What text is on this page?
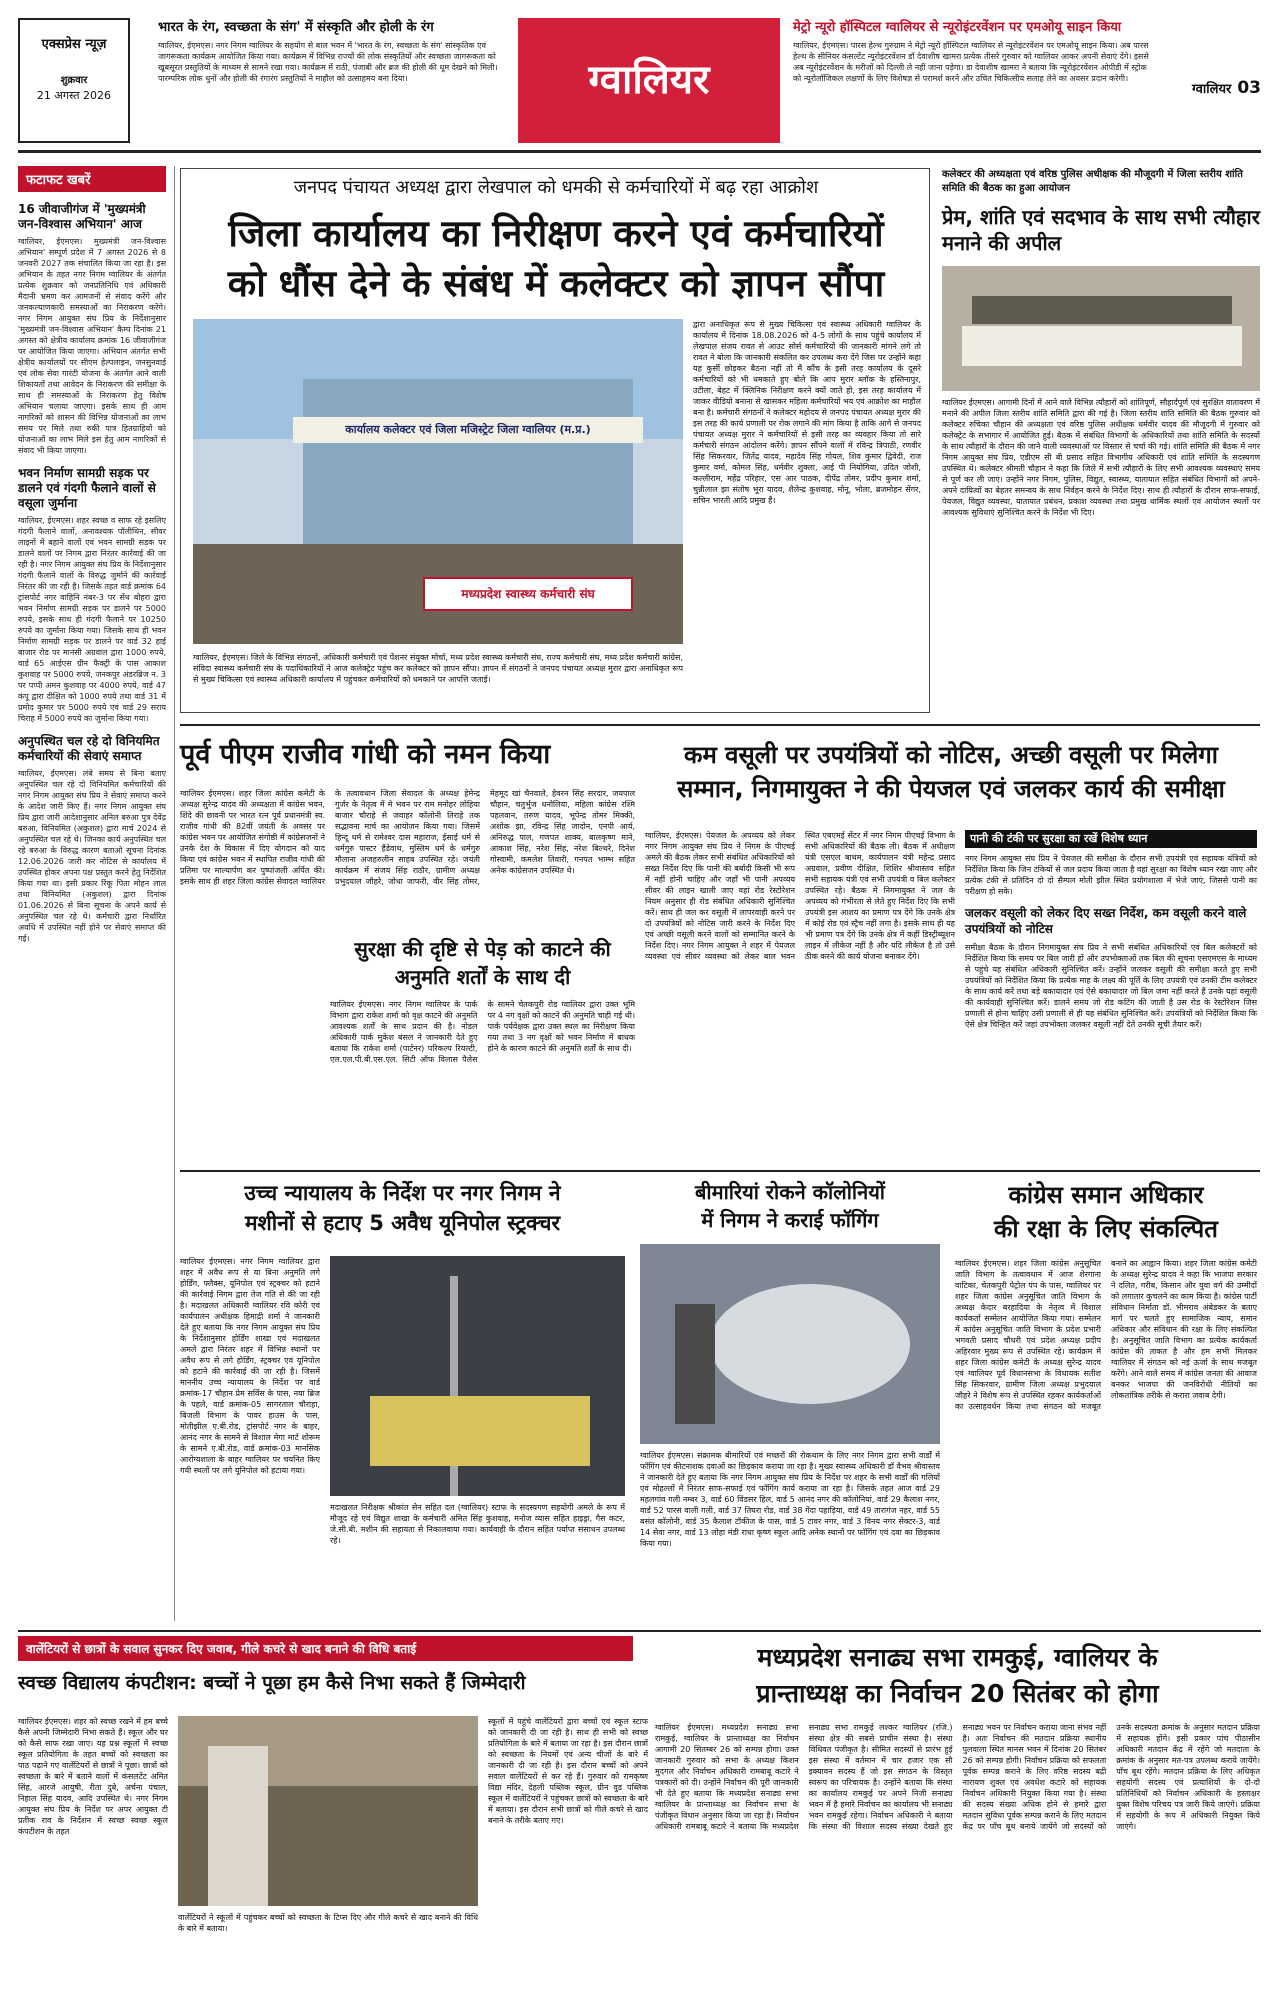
एक्सप्रेस न्यूज़
शुक्रवार
21 अगस्त 2026
भारत के रंग, स्वच्छता के संग' में संस्कृति और होली के रंग
ग्वालियर, ईएमएस। नगर निगम ग्वालियर के सहयोग से बाल भवन में 'भारत के रंग, स्वच्छता के संग' सांस्कृतिक एवं जागरूकता कार्यक्रम आयोजित किया गया। कार्यक्रम में विभिन्न राज्यों की लोक संस्कृतियों और स्वच्छता जागरूकता को खूबसूरत प्रस्तुतियों के माध्यम से सामने रखा गया। कार्यक्रम में राठी, पंजाबी और ब्रज की होली की धूम देखने को मिली। पारम्परिक लोक धुनों और होली की रंगारंग प्रस्तुतियों ने माहौल को उत्साहमय बना दिया।	ग्वालियर
मेट्रो न्यूरो हॉस्पिटल ग्वालियर से न्यूरोइंटरवेंशन पर एमओयू साइन किया
ग्वालियर, ईएमएस। पारस हेल्थ गुरुग्राम ने मेट्रो न्यूरो हॉस्पिटल ग्वालियर से न्यूरोइंटरवेंशन पर एमओयू साइन किया। अब पारस हेल्थ के सीनियर कंसल्टेंट न्यूरोइंटरवेंशन डॉ देवाशीष खामरा प्रत्येक तीसरे गुरुवार को ग्वालियर आकर अपनी सेवाएं देंगे। इससे अब न्यूरोइंटरवेंशन के मरीजों को दिल्ली ले नहीं जाना पड़ेगा। डा देवाशीष खामरा ने बताया कि न्यूरोइंटरवेंशन ओपीडी में स्ट्रोक को न्यूरोलॉजिकल लक्षणों के लिए विशेषज्ञ से परामर्श करने और उचित चिकित्सीय सलाह लेने का अवसर प्रदान करेगी।
ग्वालियर 03
फटाफट खबरें
16 जीवाजीगंज में 'मुख्यमंत्री जन-विश्वास अभियान' आज
ग्वालियर, ईएमएस। मुख्यमंत्री जन-विश्वास अभियान' सम्पूर्ण प्रदेश में 7 अगस्त 2026 से 8 जनवरी 2027 तक संचालित किया जा रहा है। इस अभियान के तहत नगर निगम ग्वालियर के अंतर्गत प्रत्येक शुक्रवार को जनप्रतिनिधि एवं अधिकारी मैदानी भ्रमण कर आमजनों से संवाद करेंगे और जनकल्याणकारी समस्याओं का निराकरण करेंगे। नगर निगम आयुक्त संघ प्रिय के निर्देशानुसार 'मुख्यमंत्री जन-विश्वास अभियान' कैम्प दिनांक 21 अगस्त को क्षेत्रीय कार्यालय क्रमांक 16 जीवाजीगंज पर आयोजित किया जाएगा। अभियान अंतर्गत सभी क्षेत्रीय कार्यालयों पर सीएम हेल्पलाइन, जनसुनवाई एवं लोक सेवा गारंटी योजना के अंतर्गत आने वाली शिकायतों तथा आवेदन के निराकरण की समीक्षा के साथ ही समस्याओं के निराकरण हेतु विशेष अभियान चलाया जाएगा। इसके साथ ही आम नागरिकों को शासन की विभिन्न योजनाओं का लाभ समय पर मिले तथा रुकी पात्र हितग्राहियों को योजनाओं का लाभ मिले इस हेतु आम नागरिकों से संवाद भी किया जाएगा।
भवन निर्माण सामग्री सड़क पर डालने एवं गंदगी फैलाने वालों से वसूला जुर्माना
ग्वालियर, ईएमएस। शहर स्वच्छ व साफ रहे इसलिए गंदगी फैलाने वालों, अनावश्यक पॉलीथिन, सीवर लाइनों में बहाने वालों एवं भवन सामग्री सड़क पर डालने वालों पर निगम द्वारा निरंतर कार्रवाई की जा रही है। नगर निगम आयुक्त संघ प्रिय के निर्देशानुसार गंदगी फैलाने वालों के विरुद्ध जुर्माने की कार्रवाई निरंतर की जा रही है। जिसके तहत वार्ड क्रमांक 64 ट्रांसपोर्ट नगर वाहिनि नंबर-3 पर सेंध बोहरा द्वारा भवन निर्माण सामग्री सड़क पर डालने पर 5000 रुपये, इसके साथ ही गंदगी फैलाने पर 10250 रुपये का जुर्माना किया गया। जिसके साथ ही भवन निर्माण सामग्री सड़क पर डालने पर वार्ड 32 हाई बाजार रोड पर मानसी अग्रवाल द्वारा 1000 रुपये, वार्ड 65 आईएस ग्रीन फैक्ट्री के पास आकाश कुशवाह पर 5000 रुपये, जनकपुर अंडरब्रिज न. 3 पर पप्पी अमन कुशवाह पर 4000 रुपये, वार्ड 47 कंपू द्वारा दीक्षित को 1000 रुपये तथा वार्ड 31 में प्रमोद कुमार पर 5000 रुपये एवं वार्ड 29 सराय चिराह में 5000 रुपये का जुर्माना किया गया।
अनुपस्थित चल रहे दो विनियमित कर्मचारियों की सेवाएं समाप्त
ग्वालियर, ईएमएस। लंबे समय से बिना बताए अनुपस्थित चल रहे दो विनियमित कर्मचारियों की नगर निगम आयुक्त संघ प्रिय ने सेवाएं समाप्त करने के आदेश जारी किए हैं। नगर निगम आयुक्त संघ प्रिय द्वारा जारी आदेशानुसार अनिल बरुआ पुत्र देवेंद्र बरुआ, विनियमित (अकुशल) द्वारा मार्च 2024 से अनुपस्थित चल रहे थे। जिनका कार्य अनुपस्थित चल रहे बरुआ के विरुद्ध कारण बताओ सूचना दिनांक 12.06.2026 जारी कर नोटिस से कार्यालय में उपस्थित होकर अपना पक्ष प्रस्तुत करने हेतु निर्देशित किया गया था। इसी प्रकार रिंकू पिता मोहन लाल तथा विनियमित (अकुशल) द्वारा दिनांक 01.06.2026 से बिना सूचना के अपने कार्य से अनुपस्थित चल रहे थे। कर्मचारी द्वारा निर्धारित अवधि में उपस्थित नहीं होने पर सेवाएं समाप्त की गई।
जनपद पंचायत अध्यक्ष द्वारा लेखपाल को धमकी से कर्मचारियों में बढ़ रहा आक्रोश
जिला कार्यालय का निरीक्षण करने एवं कर्मचारियों
को धौंस देने के संबंध में कलेक्टर को ज्ञापन सौंपा
कार्यालय कलेक्टर एवं जिला मजिस्ट्रेट जिला ग्वालियर (म.प्र.)
मध्यप्रदेश स्वास्थ्य कर्मचारी संघ
ग्वालियर, ईएमएस। जिले के विभिन्न संगठनों, अधिकारी कर्मचारी एवं पेंशनर संयुक्त मोर्चा, मध्य प्रदेश स्वास्थ्य कर्मचारी संघ, राज्य कर्मचारी संघ, मध्य प्रदेश कर्मचारी कांग्रेस, संविदा स्वास्थ्य कर्मचारी संघ के पदाधिकारियों ने आज कलेक्ट्रेट पहुंच कर कलेक्टर को ज्ञापन सौंपा। ज्ञापन में संगठनों ने जनपद पंचायत अध्यक्ष मुरार द्वारा अनाधिकृत रूप से मुख्य चिकित्सा एवं स्वास्थ्य अधिकारी कार्यालय में पहुंचकर कर्मचारियों को धमकाने पर आपत्ति जताई।
द्वारा अनाधिकृत रूप से मुख्य चिकित्सा एवं स्वास्थ्य अधिकारी ग्वालियर के कार्यालय में दिनांक 18.08.2026 को 4-5 लोगों के साथ पहुंचे कार्यालय में लेखपाल संजय रावत से आउट सोर्स कर्मचारियों की जानकारी मांगने लगे तो रावत ने बोला कि जानकारी संकलित कर उपलब्ध करा देंगे जिस पर उन्होंने कहा यह कुर्सी छोड़कर बैठना नहीं तो मैं कौंच के इसी तरह कार्यालय के दूसरे कर्मचारियों को भी धमकाते हुए बोले कि आप मुरार ब्लॉक के हस्तिनापुर, उटीला, बेहट में क्लिनिक निरीक्षण करने क्यों जाते हो, इस तरह कार्यालय में जाकर वीडियो बनाना से खासकर महिला कर्मचारियों भय एवं आक्रोश का माहौल बना है। कर्मचारी संगठनों ने कलेक्टर महोदय से जनपद पंचायत अध्यक्ष मुरार की इस तरह की कार्य प्रणाली पर रोक लगाने की मांग किया है ताकि आगे से जनपद पंचायत अध्यक्ष मुरार ने कर्मचारियों से इसी तरह का व्यवहार किया तो सारे कर्मचारी संगठन आंदोलन करेंगे। ज्ञापन सौंपने वालों में रविन्द्र त्रिपाठी, रणवीर सिंह सिकरवार, जितेंद्र यादव, महादेव सिंह गोयल, शिव कुमार द्विवेदी, राज कुमार वर्मा, कोमल सिंह, धर्मवीर शुक्ला, आई पी नियोगिया, उदित जोशी, कल्लीराम, महेंद्र परिहार, एस आर पाठक, दीपेंद्र तोमर, प्रदीप कुमार शर्मा, चुन्नीलाल झा संतोष भूरा यादव, शैलेन्द्र कुशवाह, मोनू, भोला, ब्रजमोहन सेंगर, सचिन भारती आदि प्रमुख हैं।
कलेक्टर की अध्यक्षता एवं वरिष्ठ पुलिस अधीक्षक की मौजूदगी में जिला स्तरीय शांति समिति की बैठक का हुआ आयोजन
प्रेम, शांति एवं सदभाव के साथ सभी त्यौहार मनाने की अपील
ग्वालियर ईएमएस। आगामी दिनों में आने वाले विभिन्न त्यौहारों को शांतिपूर्ण, सौहार्दपूर्ण एवं सुरक्षित वातावरण में मनाने की अपील जिला स्तरीय शांति समिति द्वारा की गई है। जिला स्तरीय शांति समिति की बैठक गुरुवार को कलेक्टर रुचिका चौहान की अध्यक्षता एवं वरिष्ठ पुलिस अधीक्षक धर्मवीर यादव की मौजूदगी में गुरुवार को कलेक्ट्रेट के सभागार में आयोजित हुई। बैठक में संबंधित विभागों के अधिकारियों तथा शांति समिति के सदस्यों के साथ त्यौहारों के दौरान की जाने वाली व्यवस्थाओं पर विस्तार से चर्चा की गई। शांति समिति की बैठक में नगर निगम आयुक्त संघ प्रिय, एडीएम सी बी प्रसाद सहित विभागीय अधिकारी एवं शांति समिति के सदस्यगण उपस्थित थे। कलेक्टर श्रीमती चौहान ने कहा कि जिले में सभी त्यौहारों के लिए सभी आवश्यक व्यवस्थाएं समय से पूर्ण कर ली जाएं। उन्होंने नगर निगम, पुलिस, विद्युत, स्वास्थ्य, यातायात सहित संबंधित विभागों को अपने-अपने दायित्वों का बेहतर समन्वय के साथ निर्वहन करने के निर्देश दिए। साथ ही त्यौहारों के दौरान साफ-सफाई, पेयजल, विद्युत व्यवस्था, यातायात प्रबंधन, प्रकाश व्यवस्था तथा प्रमुख धार्मिक स्थलों एवं आयोजन स्थलों पर आवश्यक सुविधाएं सुनिश्चित करने के निर्देश भी दिए।
पूर्व पीएम राजीव गांधी को नमन किया
ग्वालियर ईएमएस। शहर जिला कांग्रेस कमेटी के अध्यक्ष सुरेन्द्र यादव की अध्यक्षता में कांग्रेस भवन, शिंदे की छावनी पर भारत रत्न पूर्व प्रधानमंत्री स्व. राजीव गांधी की 82वीं जयंती के अवसर पर कांग्रेस भवन पर आयोजित संगोष्ठी में कांग्रेसजनों ने उनके देश के विकास में दिए योगदान को याद किया एवं कांग्रेस भवन में स्थापित राजीव गांधी की प्रतिमा पर माल्यार्पण कर पुष्पांजली अर्पित की। इसके साथ ही शहर जिला कांग्रेस सेवादल ग्वालियर के तत्वावधान जिला सेवादल के अध्यक्ष हेमेन्द्र गुर्जर के नेतृत्व में मे भवन पर राम मनोहर लोहिया बाजार चौराहे से जवाहर कॉलोनी तिराहे तक सद्भावना मार्च का आयोजन किया गया। जिसमें हिन्दू धर्म से रामेश्वर दास महाराज, ईसाई धर्म से धर्मगुरु पास्टर हैंडेवाथ, मुस्लिम धर्म के धर्मगुरु मौलाना अजहरुलीन साहब उपस्थित रहे। जयंती कार्यक्रम में संजय सिंह राठौर, ग्रामीण अध्यक्ष प्रभुदयाल जौहरे, जोधा जाफरी, वीर सिंह तोमर, मेहमूद खां चैनवाले, हेवरन सिंह सरदार, जयपाल चौहान, चतुर्भुज धनोलिया, महिला कांग्रेस रश्मि पहलवान, तरुण यादव, भूपेन्द्र तोमर मिक्की, अशोक झा, रविन्द्र सिंह जादोन, एनपी आर्य, अनिरुद्ध पाल, गणपत शाक्य, बालकृष्ण माने, आकाश सिंह, नरेश सिंह, नरेश बिल्थरे, दिनेश गोस्वामी, कमलेश तिवारी, गनपत भाम्भ सहित अनेक कांग्रेसजन उपस्थित थे।
सुरक्षा की दृष्टि से पेड़ को काटने की
अनुमति शर्तों के साथ दी
ग्वालियर ईएमएस। नगर निगम ग्वालियर के पार्क विभाग द्वारा राकेश शर्मा को वृक्ष काटने की अनुमति आवश्यक शर्तों के साथ प्रदान की है। नोडल अधिकारी पार्क मुकेश बंसल ने जानकारी देते हुए बताया कि राकेश शर्मा (पार्टनर) परिकल्प रियल्टी, एल.एल.पी.बी.एस.एल. सिटी ऑफ विलास पैलेस के सामने चेतकपुरी रोड ग्वालियर द्वारा उक्त भूमि पर 4 नग वृक्षों को काटने की अनुमति चाही गई थी। पार्क पर्यवेक्षक द्वारा उक्त स्थल का निरीक्षण किया गया तथा 3 नग वृक्षों को भवन निर्माण में बाधक होने के कारण काटने की अनुमति शर्तों के साथ दी।
कम वसूली पर उपयंत्रियों को नोटिस, अच्छी वसूली पर मिलेगा
सम्मान, निगमायुक्त ने की पेयजल एवं जलकर कार्य की समीक्षा
ग्वालियर, ईएमएस। पेयजल के अपव्यय को लेकर नगर निगम आयुक्त संघ प्रिय ने निगम के पीएचई अमले की बैठक लेकर सभी संबंधित अधिकारियों को सख्त निर्देश दिए कि पानी की बर्बादी किसी भी रूप में नहीं होनी चाहिए और जहाँ भी पानी अपव्यय सीवर की लाइन खाली जाए वहां रोड रेस्टोरेशन नियम अनुसार ही रोड संबंधित अधिकारी सुनिश्चित करें। साथ ही जल कर वसूली में लापरवाही करने पर दो उपयंत्रियों को नोटिस जारी करने के निर्देश दिए एवं अच्छी वसूली करने वालों को सम्मानित करने के निर्देश दिए। नगर निगम आयुक्त ने शहर में पेयजल व्यवस्था एवं सीवर व्यवस्था को लेकर बाल भवन स्थित एबएमई सेंटर में नगर निगम पीएचई विभाग के सभी अधिकारियों की बैठक ली। बैठक में अधीक्षण यंत्री एसएल बाथम, कार्यपालन यंत्री महेन्द्र प्रसाद अग्रवाल, प्रवीण दीक्षित, शिशिर श्रीवास्तव सहित सभी सहायक यंत्री एवं सभी उपयंत्री व बिल कलेक्टर उपस्थित रहे। बैठक में निगमायुक्त ने जल के अपव्यय को गंभीरता से लेते हुए निर्देश दिए कि सभी उपयंत्री इस आशय का प्रमाण पत्र देंगे कि उनके क्षेत्र में कोई रोड एवं स्ट्रैच नहीं लगा है। इसके साथ ही यह भी प्रमाण पत्र देंगे कि उनके क्षेत्र में कहीं डिस्ट्रीब्यूशन लाइन में लीकेज नहीं है और यदि लीकेज है तो उसे ठीक करने की कार्य योजना बनाकर देंगे।
पानी की टंकी पर सुरक्षा का रखें विशेष ध्यान
नगर निगम आयुक्त संघ प्रिय ने पेयजल की समीक्षा के दौरान सभी उपयंत्री एवं सहायक यंत्रियों को निर्देशित किया कि जिन टंकियों से जल प्रदाय किया जाता है वहां सुरक्षा का विशेष ध्यान रखा जाए और प्रत्येक टंकी से प्रतिदिन दो दो सैम्पल मोती झील स्थित प्रयोगशाला में भेजे जाएं, जिससे पानी का परीक्षण हो सके।
जलकर वसूली को लेकर दिए सख्त निर्देश, कम वसूली करने वाले उपयंत्रियों को नोटिस
समीक्षा बैठक के दौरान निगमायुक्त संघ प्रिय ने सभी संबंधित अधिकारियों एवं बिल कलेक्टरों को निर्देशित किया कि समय पर बिल जारी हों और उपभोक्ताओं तक बिल की सूचना एसएमएस के माध्यम से पहुंचे यह संबंधित अधिकारी सुनिश्चित करें। उन्होंने जलकर वसूली की समीक्षा करते हुए सभी उपयंत्रियों को निर्देशित किया कि प्रत्येक माह के लक्ष्य की पूर्ति के लिए उपयंत्री एवं उनकी टीम कलेक्टर के साथ कार्य करें तथा बड़े बकायादार एवं ऐसे बकायादार जो बिल जमा नहीं करते हैं उनके यहां वसूली की कार्यवाही सुनिश्चित करें। डालने समय जो रोड कटिंग की जाती है उस रोड के रेस्टोरेशन जिस प्रणाली से होना चाहिए उसी प्रणाली से ही यह संबंधित सुनिश्चित करें। उपयंत्रियों को निर्देशित किया कि ऐसे क्षेत्र चिन्हित करें जहां उपभोक्ता जलकर वसूली नहीं देते उनकी सूची तैयार करें।
उच्च न्यायालय के निर्देश पर नगर निगम ने
मशीनों से हटाए 5 अवैध यूनिपोल स्ट्रक्चर
ग्वालियर ईएमएस। नगर निगम ग्वालियर द्वारा शहर में अवैध रूप से या बिना अनुमति लगे होर्डिंग, फ्लैक्स, यूनिपोल एवं स्ट्रक्चर को हटाने की कार्रवाई निगम द्वारा तेज गति से की जा रही है। मदाखलत अधिकारी ग्वालियर रवि कोरी एवं कार्यपालन अधीक्षक हिमाद्री शर्मा ने जानकारी देते हुए बताया कि नगर निगम आयुक्त संघ प्रिय के निर्देशानुसार होर्डिंग शाखा एवं मदाखलत अमले द्वारा निरंतर शहर में विभिन्न स्थानों पर अवैध रूप से लगे होर्डिंग, स्ट्रक्चर एवं यूनिपोल को हटाने की कार्रवाई की जा रही है। जिसमें माननीय उच्च न्यायालय के निर्देश पर वार्ड क्रमांक-17 चौहान प्रेम सर्विस के पास, नया ब्रिज के पहले, वार्ड क्रमांक-05 सागरताल चौराहा, बिजली विभाग के पावर हाउस के पास, मोतीझील ए.बी.रोड, ट्रांसपोर्ट नगर के बाहर, आनंद नगर के सामने से विशाल मेगा मार्ट शोरूम के सामने ए.बी.रोड, वार्ड क्रमांक-03 मानसिक आरोग्यशाला के बाहर ग्वालियर पर चयनित किए गयी स्थलों पर लगे यूनिपोल को हटाया गया।
मदाखलत निरीक्षक श्रीकांत सेन सहित दल (ग्वालियर) स्टाफ के सदस्यगण सहयोगी अमले के रूप में मौजूद रहे एवं विद्युत शाखा के कर्मचारी अमित सिंह कुशवाह, मनोज व्यास सहित हाइड्रा, गैस कटर, जे.सी.बी. मशीन की सहायता से निकालवाया गया। कार्यवाही के दौरान सहित पर्याप्त संसाधन उपलब्ध रहे।
बीमारियां रोकने कॉलोनियों
में निगम ने कराई फॉगिंग
ग्वालियर ईएमएस। संक्रामक बीमारियों एवं मच्छरों की रोकथाम के लिए नगर निगम द्वारा सभी वार्डों में फॉगिंग एवं कीटनाशक दवाओं का छिड़काव कराया जा रहा है। मुख्य स्वास्थ्य अधिकारी डॉ वैभव श्रीवास्तव ने जानकारी देते हुए बताया कि नगर निगम आयुक्त संघ प्रिय के निर्देश पर शहर के सभी वार्डों की गलियों एवं मोहल्लों में निरंतर साफ-सफाई एवं फॉगिंग कार्य कराया जा रहा है। जिसके तहत आज वार्ड 29 महलगांव गली नम्बर 3, वार्ड 60 विंडसर हिल, वार्ड 5 आनंद नगर की कॉलोनियां, वार्ड 29 कैलाश नगर, वार्ड 52 पारस वाली गली, वार्ड 37 तिघरा रोड, वार्ड 38 गेंदा पहाड़िया, वार्ड 49 तारागंज नहर, वार्ड 55 बसंत कॉलोनी, वार्ड 35 कैलाश टॉकीज के पास, वार्ड 5 टावर नगर, वार्ड 3 विनय नगर सेक्टर-3, वार्ड 14 सेवा नगर, वार्ड 13 लोहा मंडी राधा कृष्ण स्कूल आदि अनेक स्थानों पर फॉगिंग एवं दवा का छिड़काव किया गया।
कांग्रेस समान अधिकार
की रक्षा के लिए संकल्पित
ग्वालियर ईएमएस। शहर जिला कांग्रेस अनुसूचित जाति विभाग के तत्वावधान में आज शेरगाना वाटिका, चेतकपुरी पेट्रोल पंप के पास, ग्वालियर पर शहर जिला कांग्रेस अनुसूचित जाति विभाग के अध्यक्ष केदार बरहादिया के नेतृत्व में विशाल कार्यकर्ता सम्मेलन आयोजित किया गया। सम्मेलन में कांग्रेस अनुसूचित जाति विभाग के प्रदेश प्रभारी भगवती प्रसाद चौधरी एवं प्रदेश अध्यक्ष प्रदीप अहिरवार मुख्य रूप से उपस्थित रहे। कार्यक्रम में शहर जिला कांग्रेस कमेटी के अध्यक्ष सुरेन्द्र यादव एवं ग्वालियर पूर्व विधानसभा के विधायक सतीश सिंह सिकरवार, ग्रामीण जिला अध्यक्ष प्रभुदयाल जौहरे ने विशेष रूप से उपस्थित रहकर कार्यकर्ताओं का उत्साहवर्धन किया तथा संगठन को मजबूत बनाने का आह्वान किया। शहर जिला कांग्रेस कमेटी के अध्यक्ष सुरेन्द्र यादव ने कहा कि भाजपा सरकार ने दलित, गरीब, किसान और युवा वर्ग की उम्मीदों को लगातार कुचलने का काम किया है। कांग्रेस पार्टी संविधान निर्माता डॉ. भीमराव अंबेडकर के बताए मार्ग पर चलते हुए सामाजिक न्याय, समान अधिकार और संविधान की रक्षा के लिए संकल्पित है। अनुसूचित जाति विभाग का प्रत्येक कार्यकर्ता कांग्रेस की ताकत है और हम सभी मिलकर ग्वालियर में संगठन को नई ऊर्जा के साथ मजबूत करेंगे। आने वाले समय में कांग्रेस जनता की आवाज बनकर भाजपा की जनविरोधी नीतियों का लोकतांत्रिक तरीके से करारा जवाब देगी।
वालेंटियरों से छात्रों के सवाल सुनकर दिए जवाब, गीले कचरे से खाद बनाने की विधि बताई
स्वच्छ विद्यालय कंपटीशन: बच्चों ने पूछा हम कैसे निभा सकते हैं जिम्मेदारी
ग्वालियर ईएमएस। शहर को स्वच्छ रखने में हम बच्चे कैसे अपनी जिम्मेदारी निभा सकते हैं। स्कूल और घर को कैसे साफ रखा जाए। यह प्रश्न स्कूलों में स्वच्छ स्कूल प्रतियोगिता के तहत बच्चों को स्वच्छता का पाठ पढ़ाने गए वालेंटियरों से छात्रों ने पूछा। छात्रों को स्वच्छता के बारे में बताने वालों में कंसलटेंट अमित सिंह, आरजे आयुषी, रीता दुबे, अर्चना पंचाल, निहाल सिंह यादव, आदि उपस्थित थे। नगर निगम आयुक्त संघ प्रिय के निर्देश पर अपर आयुक्त टी प्रतीक राव के निर्देशन में स्वच्छ स्वच्छ स्कूल कंपटीशन के तहत
वालेंटियरों ने स्कूलों में पहुंचकर बच्चों को स्वच्छता के टिप्स दिए और गीले कचरे से खाद बनाने की विधि के बारे में बताया।
स्कूलों में पहुंचे वालेंटियरों द्वारा बच्चों एवं स्कूल स्टाफ को जानकारी दी जा रही है। साथ ही सभी को स्वच्छ प्रतियोगिता के बारे में बताया जा रहा है। इस दौरान छात्रों को स्वच्छता के नियमों एवं अन्य चीजों के बारे में जानकारी दी जा रही है। इस दौरान बच्चों को अपने सवाल वालेंटियरों से कर रहे हैं। गुरुवार को रामकृष्ण विद्या मंदिर, देहली पब्लिक स्कूल, ग्रीन वुड पब्लिक स्कूल में वालेंटियरों ने पहुंचकर छात्रों को स्वच्छता के बारे में बताया। इस दौरान सभी छात्रों को गीले कचरे से खाद बनाने के तरीके बताए गए।
मध्यप्रदेश सनाढ्य सभा रामकुई, ग्वालियर के
प्रान्ताध्यक्ष का निर्वाचन 20 सितंबर को होगा
ग्वालियर ईएमएस। मध्यप्रदेश सनाढ्य सभा रामकुई, ग्वालियर के प्रान्ताध्यक्ष का निर्वाचन आगामी 20 सितम्बर 26 को सम्पन्न होगा। उक्त जानकारी गुरुवार को सभा के अध्यक्ष किशन मुदगल और निर्वाचन अधिकारी रामबाबू कटारे ने पत्रकारों को दी। उन्होंने निर्वाचन की पूरी जानकारी भी देते हुए बताया कि मध्यप्रदेश सनाढ्य सभा ग्वालियर के प्रान्ताध्यक्ष का निर्वाचन सभा के पंजीकृत विधान अनुसार किया जा रहा है। निर्वाचन अधिकारी रामबाबू कटारे ने बताया कि मध्यप्रदेश सनाढ्य सभा रामकुई लश्कर ग्वालियर (रजि.) संस्था क्षेत्र की सबसे प्राचीन संस्था है। संस्था विधिवत पंजीकृत है। सीमित सदस्यों से प्रारंभ हुई इस संस्था में वर्तमान में चार हजार एक सौ इक्यावन सदस्य हैं जो इस संगठन के विस्तृत स्वरूप का परिचायक है। उन्होंने बताया कि संस्था का कार्यालय रामकुई पर अपने निजी सनाढ्य भवन में है हमारे निर्वाचन का कार्यालय भी सनाढ्य भवन रामकुई रहेगा। निर्वाचन अधिकारी ने बताया कि संस्था की विशाल सदस्य संख्या देखते हुए सनाढ्य भवन पर निर्वाचन कराया जाना संभव नहीं है। अतः निर्वाचन की मतदान प्रक्रिया स्थानीय पुलवाला स्थित मानस भवन में दिनांक 20 सितंबर 26 को सम्पन्न होगी। निर्वाचन प्रक्रिया को सफलता पूर्वक सम्पन्न कराने के लिए वरिष्ठ सदस्य बद्री नारायण शुक्ल एवं अवधेश कटारे को सहायक निर्वाचन अधिकारी नियुक्त किया गया है। संस्था की सदस्य संख्या अधिक होने से हमारे द्वारा मतदान सुविधा पूर्वक सम्पन्न कराने के लिए मतदान केंद्र पर पाँच बूथ बनाये जायेंगे जो सदस्यों को उनके सदस्यता क्रमांक के अनुसार मतदान प्रक्रिया में सहायक होंगे। इसी प्रकार पांच पीठासीन अधिकारी मतदान केंद्र में रहेंगे जो मतदाता के क्रमांक के अनुसार मत-पत्र उपलब्ध कराये जायेंगे। पाँच बूथ रहेंगे। मतदान प्रक्रिया के लिए अधिकृत सहयोगी सदस्य एवं प्रत्याशियों के दो-दो प्रतिनिधियों को निर्वाचन अधिकारी के हस्ताक्षर युक्त विशेष परिचय पत्र जारी किये जाएंगे। प्रक्रिया में सहयोगी के रूप में अधिकारी नियुक्त किये जाएंगे।
